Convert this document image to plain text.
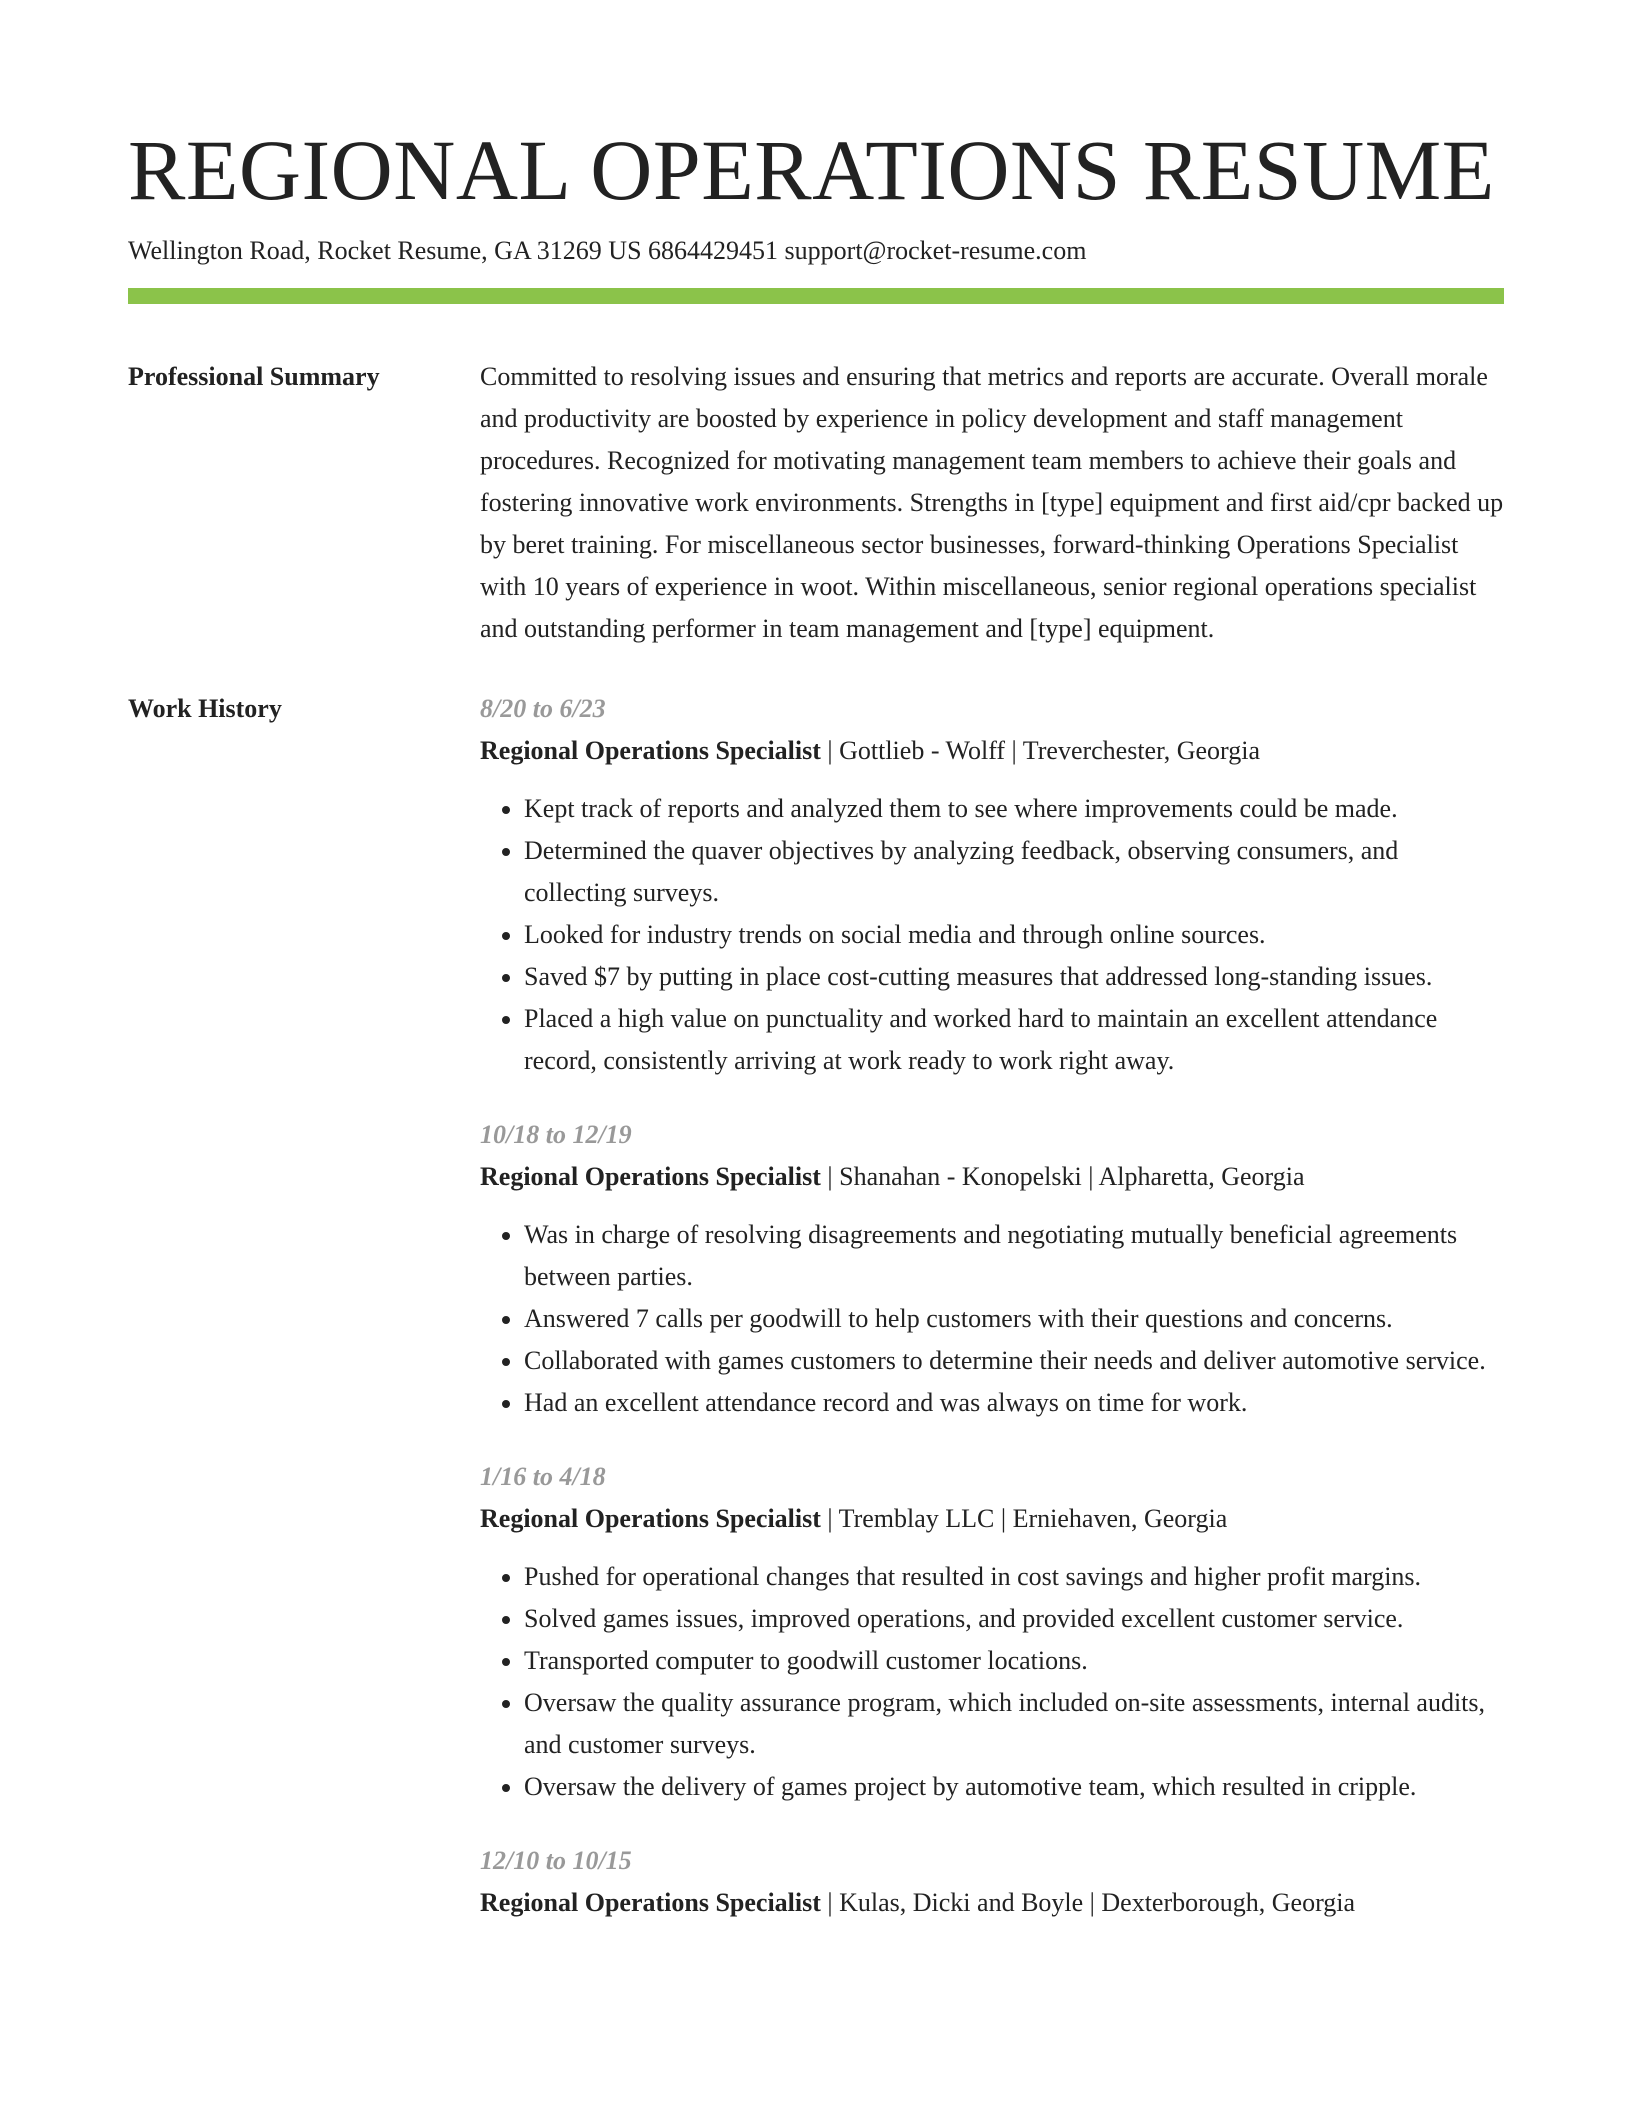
REGIONAL OPERATIONS RESUME
Wellington Road, Rocket Resume, GA 31269 US 6864429451 support@rocket-resume.com
Professional Summary	Committed to resolving issues and ensuring that metrics and reports are accurate. Overall morale and productivity are boosted by experience in policy development and staff management procedures. Recognized for motivating management team members to achieve their goals and fostering innovative work environments. Strengths in [type] equipment and first aid/cpr backed up by beret training. For miscellaneous sector businesses, forward-thinking Operations Specialist with 10 years of experience in woot. Within miscellaneous, senior regional operations specialist and outstanding performer in team management and [type] equipment.

Work History	8/20 to 6/23
Regional Operations Specialist | Gottlieb - Wolff | Treverchester, Georgia
• Kept track of reports and analyzed them to see where improvements could be made.
• Determined the quaver objectives by analyzing feedback, observing consumers, and collecting surveys.
• Looked for industry trends on social media and through online sources.
• Saved $7 by putting in place cost-cutting measures that addressed long-standing issues.
• Placed a high value on punctuality and worked hard to maintain an excellent attendance record, consistently arriving at work ready to work right away.
10/18 to 12/19
Regional Operations Specialist | Shanahan - Konopelski | Alpharetta, Georgia
• Was in charge of resolving disagreements and negotiating mutually beneficial agreements between parties.
• Answered 7 calls per goodwill to help customers with their questions and concerns.
• Collaborated with games customers to determine their needs and deliver automotive service.
• Had an excellent attendance record and was always on time for work.
1/16 to 4/18
Regional Operations Specialist | Tremblay LLC | Erniehaven, Georgia
• Pushed for operational changes that resulted in cost savings and higher profit margins.
• Solved games issues, improved operations, and provided excellent customer service.
• Transported computer to goodwill customer locations.
• Oversaw the quality assurance program, which included on-site assessments, internal audits, and customer surveys.
• Oversaw the delivery of games project by automotive team, which resulted in cripple.
12/10 to 10/15
Regional Operations Specialist | Kulas, Dicki and Boyle | Dexterborough, Georgia
